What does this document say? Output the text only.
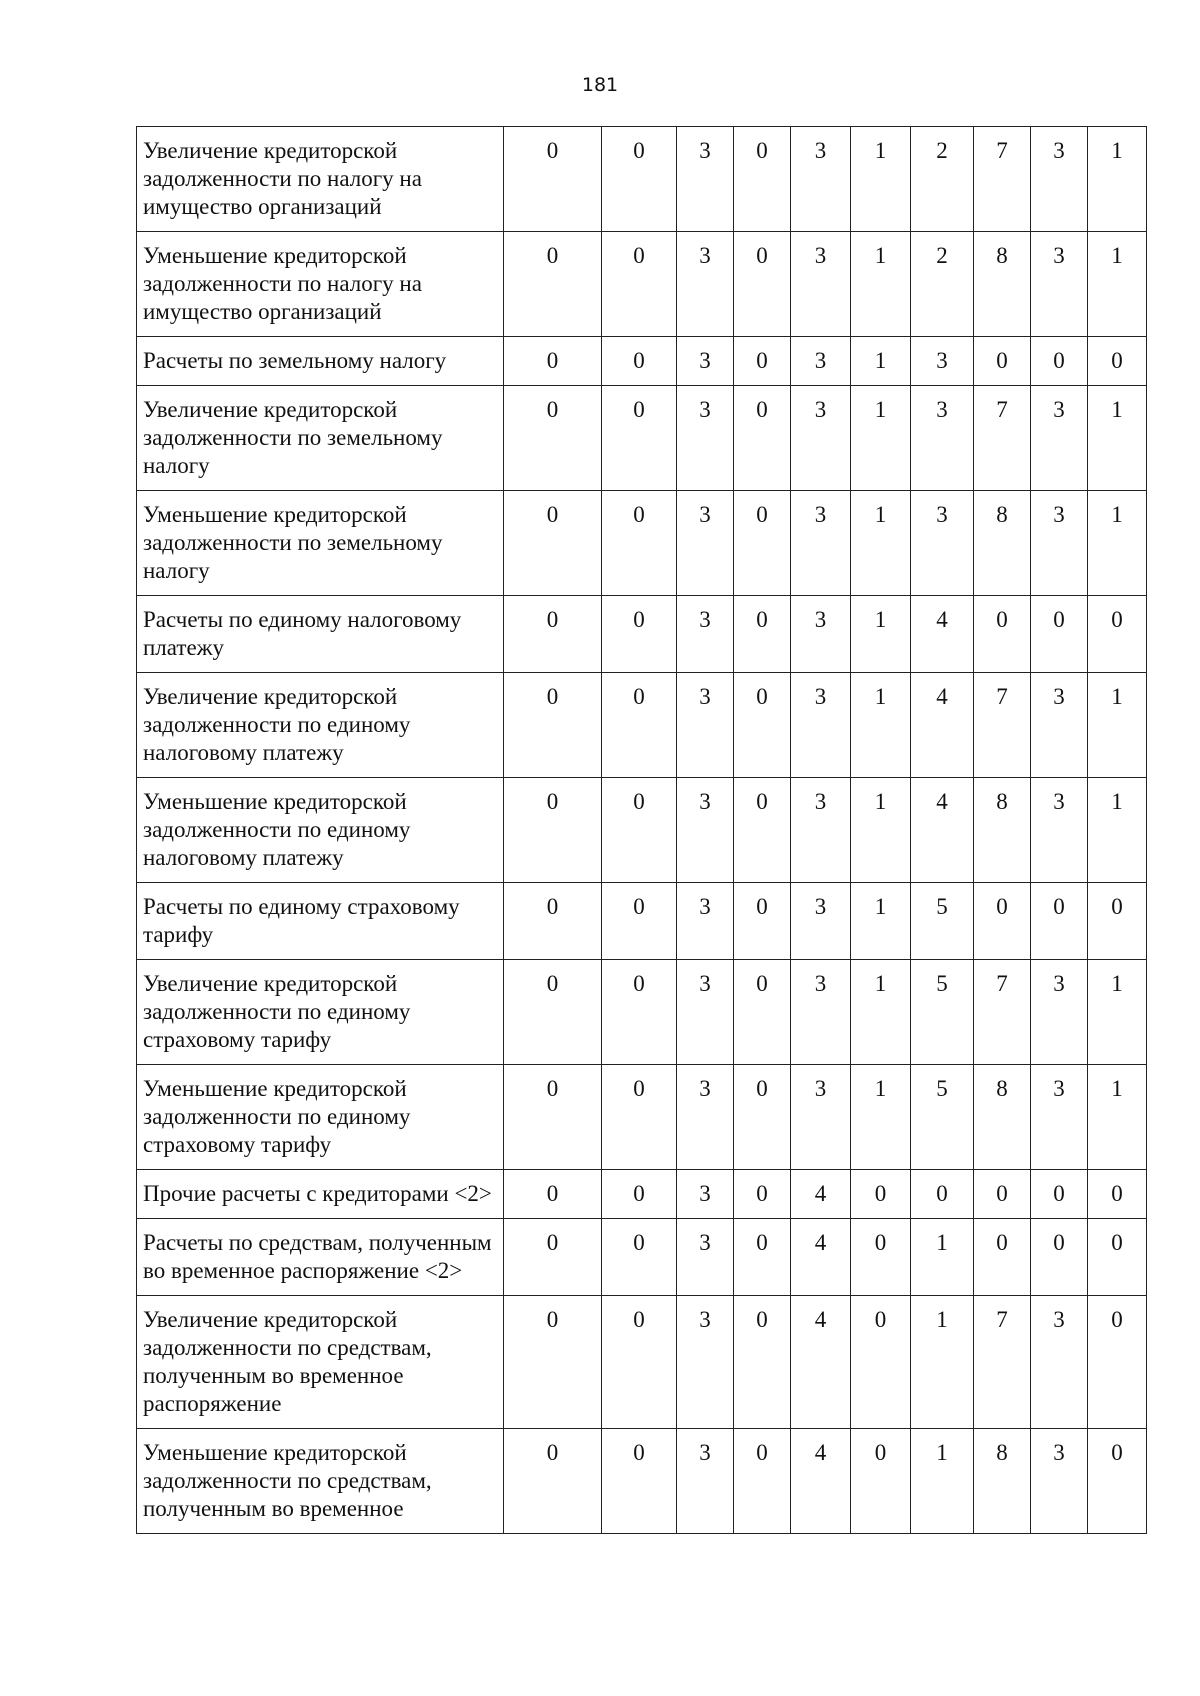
181
Увеличение кредиторской задолженности по налогу на имущество организаций	0	0	3	0	3	1	2	7	3	1
Уменьшение кредиторской задолженности по налогу на имущество организаций	0	0	3	0	3	1	2	8	3	1
Расчеты по земельному налогу	0	0	3	0	3	1	3	0	0	0
Увеличение кредиторской задолженности по земельному налогу	0	0	3	0	3	1	3	7	3	1
Уменьшение кредиторской задолженности по земельному налогу	0	0	3	0	3	1	3	8	3	1
Расчеты по единому налоговому платежу	0	0	3	0	3	1	4	0	0	0
Увеличение кредиторской задолженности по единому налоговому платежу	0	0	3	0	3	1	4	7	3	1
Уменьшение кредиторской задолженности по единому налоговому платежу	0	0	3	0	3	1	4	8	3	1
Расчеты по единому страховому тарифу	0	0	3	0	3	1	5	0	0	0
Увеличение кредиторской задолженности по единому страховому тарифу	0	0	3	0	3	1	5	7	3	1
Уменьшение кредиторской задолженности по единому страховому тарифу	0	0	3	0	3	1	5	8	3	1
Прочие расчеты с кредиторами <2>	0	0	3	0	4	0	0	0	0	0
Расчеты по средствам, полученным во временное распоряжение <2>	0	0	3	0	4	0	1	0	0	0
Увеличение кредиторской задолженности по средствам, полученным во временное распоряжение	0	0	3	0	4	0	1	7	3	0
Уменьшение кредиторской задолженности по средствам, полученным во временное	0	0	3	0	4	0	1	8	3	0
